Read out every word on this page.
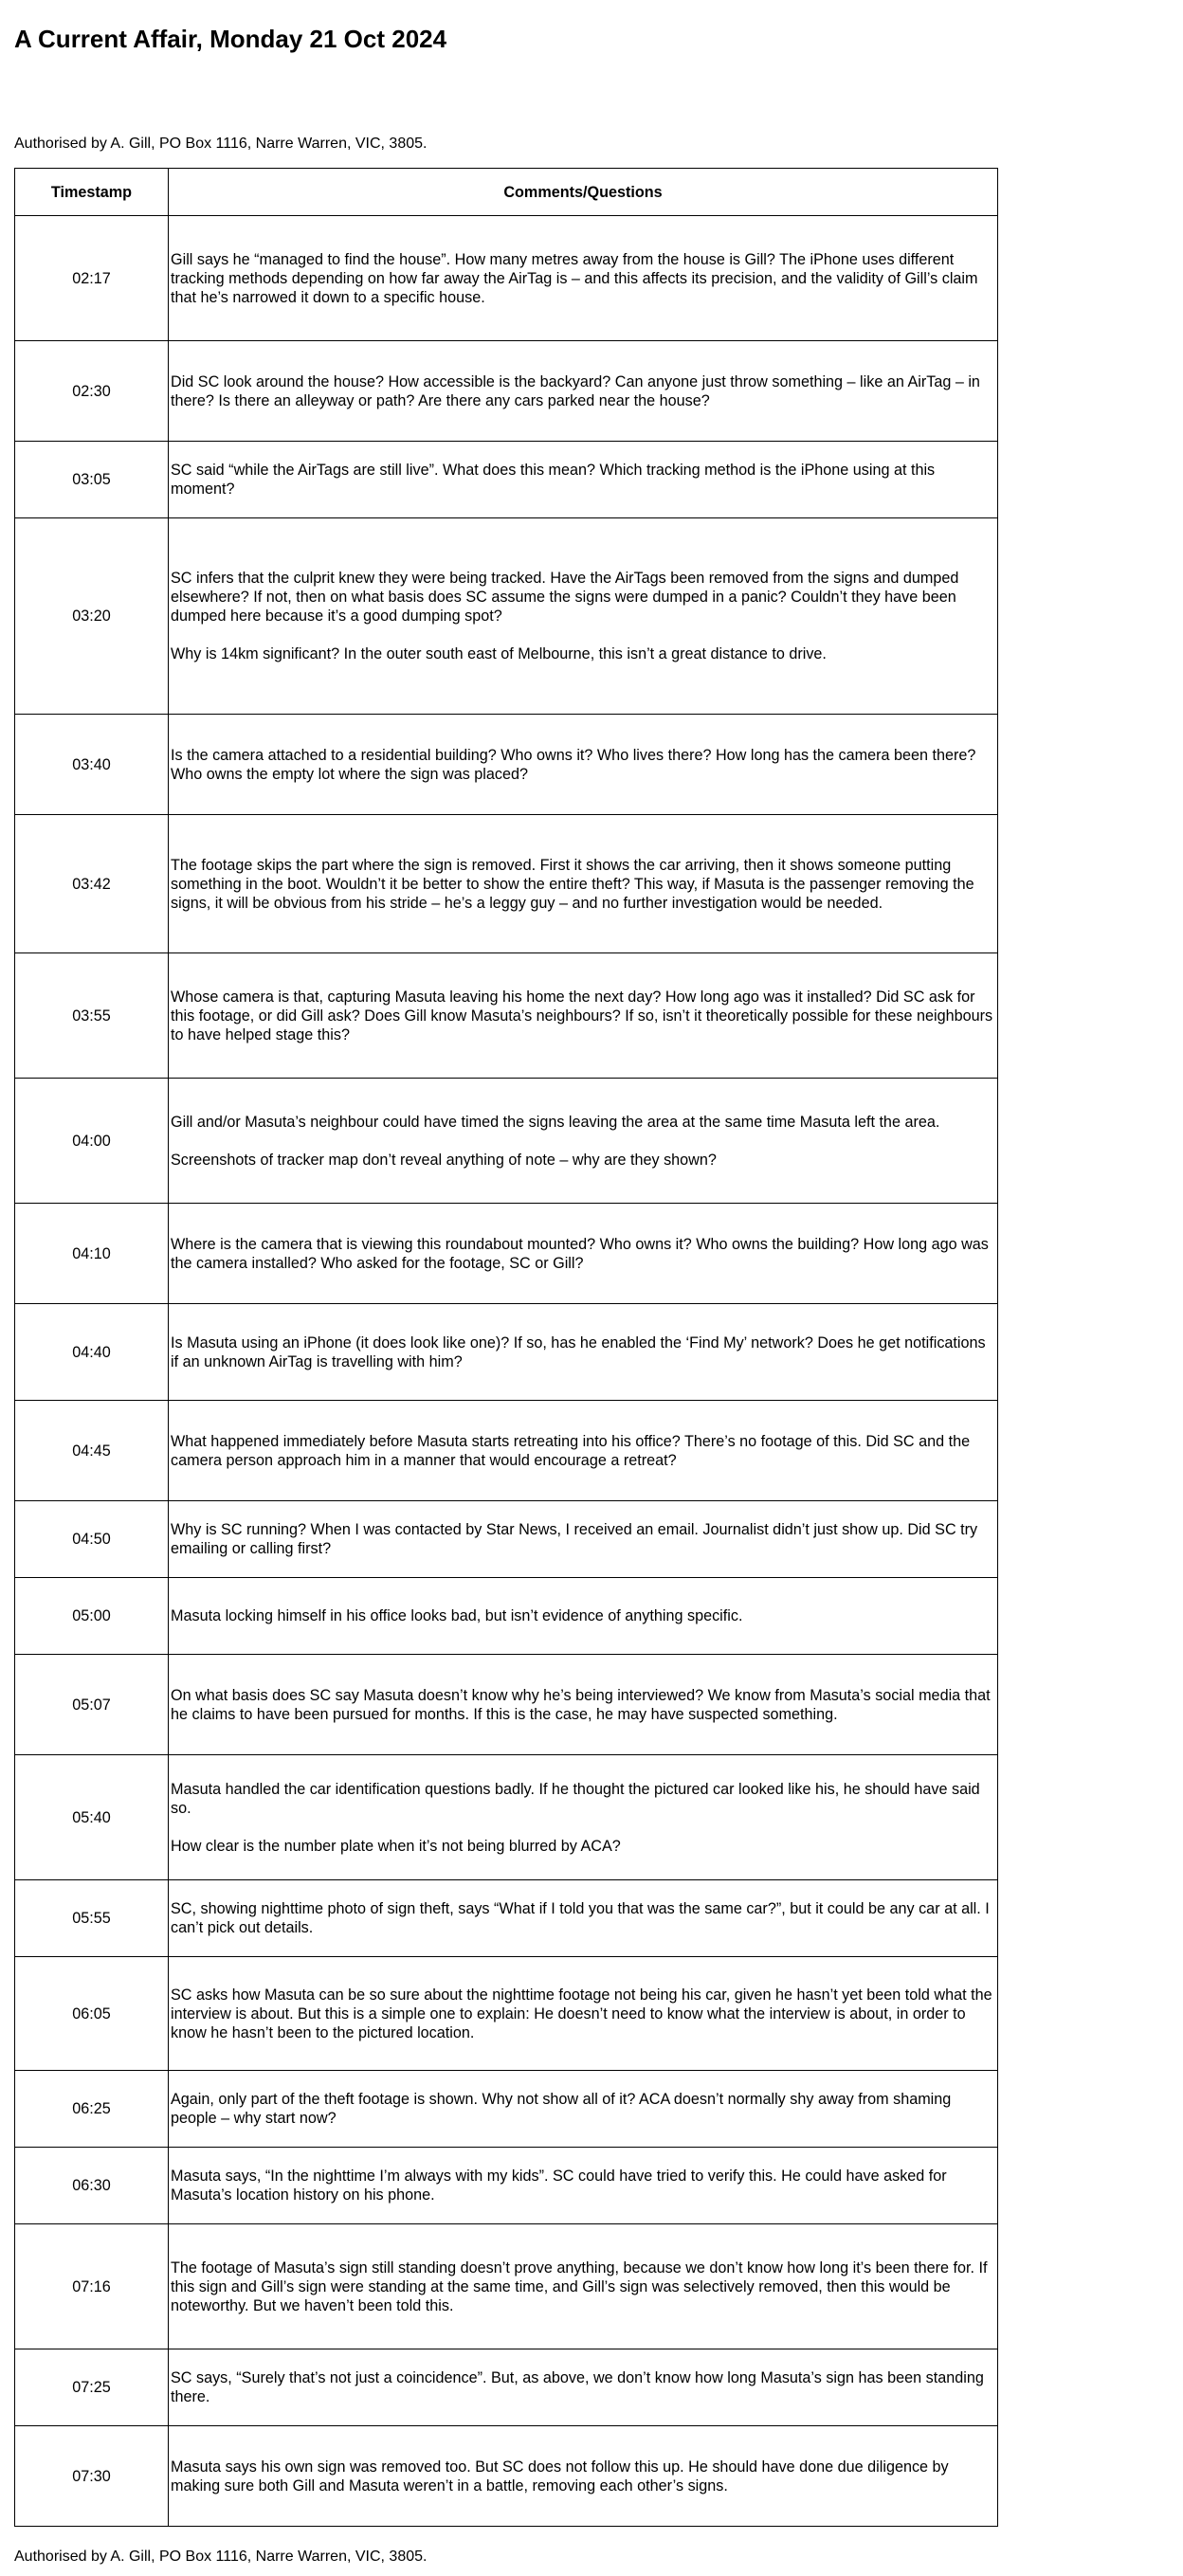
A Current Affair, Monday 21 Oct 2024

Authorised by A. Gill, PO Box 1116, Narre Warren, VIC, 3805.

Timestamp	Comments/Questions
02:17	Gill says he “managed to find the house”. How many metres away from the house is Gill? The iPhone uses different tracking methods depending on how far away the AirTag is – and this affects its precision, and the validity of Gill’s claim that he’s narrowed it down to a specific house.

02:30	Did SC look around the house? How accessible is the backyard? Can anyone just throw something – like an AirTag – in there? Is there an alleyway or path? Are there any cars parked near the house?

03:05	SC said “while the AirTags are still live”. What does this mean? Which tracking method is the iPhone using at this moment?

03:20	SC infers that the culprit knew they were being tracked. Have the AirTags been removed from the signs and dumped elsewhere? If not, then on what basis does SC assume the signs were dumped in a panic? Couldn’t they have been dumped here because it’s a good dumping spot?

Why is 14km significant? In the outer south east of Melbourne, this isn’t a great distance to drive.

03:40	Is the camera attached to a residential building? Who owns it? Who lives there? How long has the camera been there? Who owns the empty lot where the sign was placed?

03:42	The footage skips the part where the sign is removed. First it shows the car arriving, then it shows someone putting something in the boot. Wouldn’t it be better to show the entire theft? This way, if Masuta is the passenger removing the signs, it will be obvious from his stride – he’s a leggy guy – and no further investigation would be needed.

03:55	Whose camera is that, capturing Masuta leaving his home the next day? How long ago was it installed? Did SC ask for this footage, or did Gill ask? Does Gill know Masuta’s neighbours? If so, isn’t it theoretically possible for these neighbours to have helped stage this?

04:00	Gill and/or Masuta’s neighbour could have timed the signs leaving the area at the same time Masuta left the area.

Screenshots of tracker map don’t reveal anything of note – why are they shown?

04:10	Where is the camera that is viewing this roundabout mounted? Who owns it? Who owns the building? How long ago was the camera installed? Who asked for the footage, SC or Gill?

04:40	Is Masuta using an iPhone (it does look like one)? If so, has he enabled the ‘Find My’ network? Does he get notifications if an unknown AirTag is travelling with him?

04:45	What happened immediately before Masuta starts retreating into his office? There’s no footage of this. Did SC and the camera person approach him in a manner that would encourage a retreat?

04:50	Why is SC running? When I was contacted by Star News, I received an email. Journalist didn’t just show up. Did SC try emailing or calling first?

05:00	Masuta locking himself in his office looks bad, but isn’t evidence of anything specific.

05:07	On what basis does SC say Masuta doesn’t know why he’s being interviewed? We know from Masuta’s social media that he claims to have been pursued for months. If this is the case, he may have suspected something.

05:40	Masuta handled the car identification questions badly. If he thought the pictured car looked like his, he should have said so.

How clear is the number plate when it’s not being blurred by ACA?

05:55	SC, showing nighttime photo of sign theft, says “What if I told you that was the same car?”, but it could be any car at all. I can’t pick out details.

06:05	SC asks how Masuta can be so sure about the nighttime footage not being his car, given he hasn’t yet been told what the interview is about. But this is a simple one to explain: He doesn’t need to know what the interview is about, in order to know he hasn’t been to the pictured location.

06:25	Again, only part of the theft footage is shown. Why not show all of it? ACA doesn’t normally shy away from shaming people – why start now?

06:30	Masuta says, “In the nighttime I’m always with my kids”. SC could have tried to verify this. He could have asked for Masuta’s location history on his phone.

07:16	The footage of Masuta’s sign still standing doesn’t prove anything, because we don’t know how long it’s been there for. If this sign and Gill’s sign were standing at the same time, and Gill’s sign was selectively removed, then this would be noteworthy. But we haven’t been told this.

07:25	SC says, “Surely that’s not just a coincidence”. But, as above, we don’t know how long Masuta’s sign has been standing there.

07:30	Masuta says his own sign was removed too. But SC does not follow this up. He should have done due diligence by making sure both Gill and Masuta weren’t in a battle, removing each other’s signs.

Authorised by A. Gill, PO Box 1116, Narre Warren, VIC, 3805.
